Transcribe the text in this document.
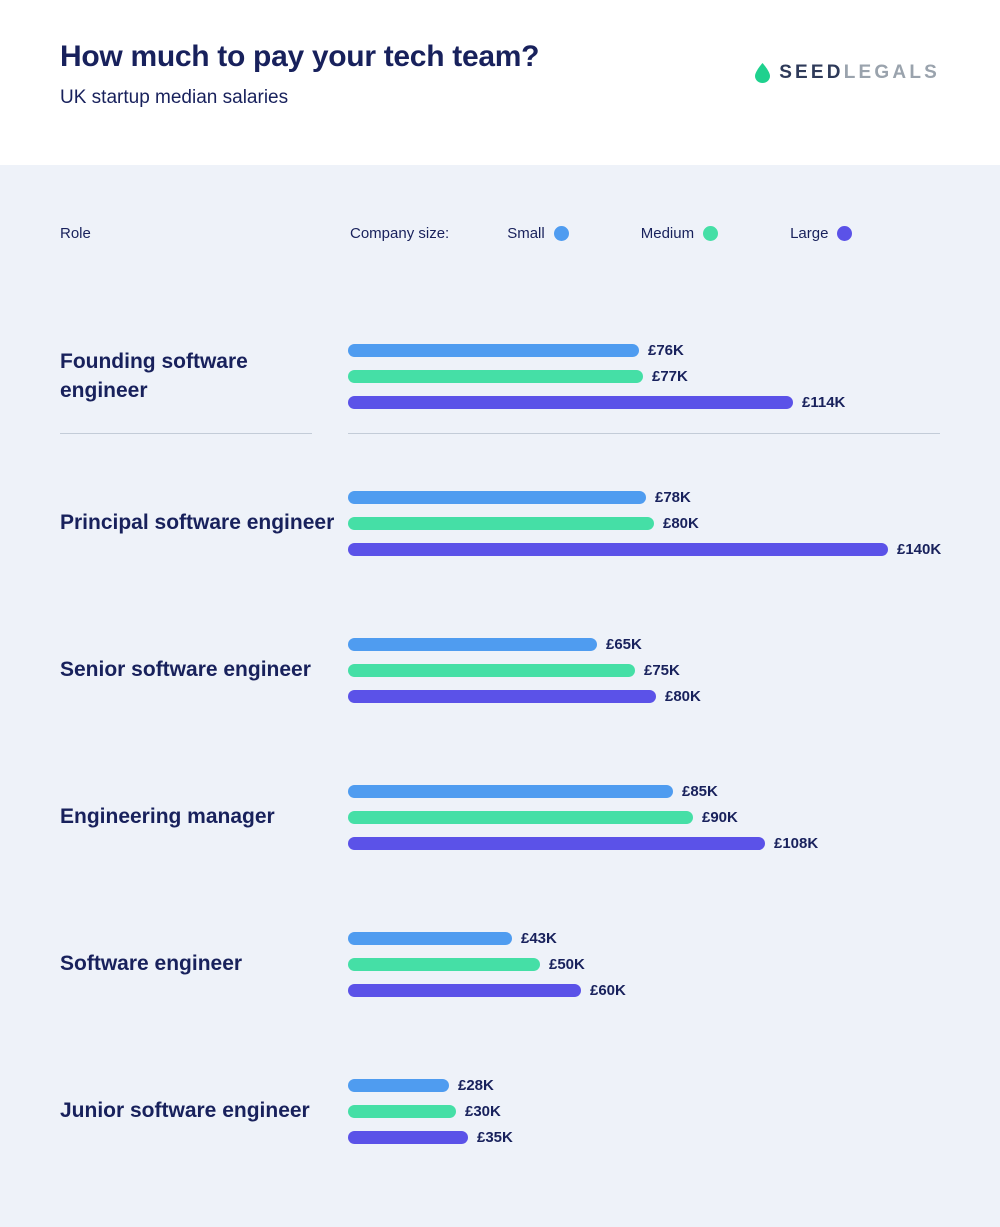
How much to pay your tech team?

UK startup median salaries

SEEDLEGALS
Role	Company size:	Small	Medium	Large
Founding software engineer
£76K
£77K
£114K
Principal software engineer
£78K
£80K
£140K
Senior software engineer
£65K
£75K
£80K
Engineering manager
£85K
£90K
£108K
Software engineer
£43K
£50K
£60K
Junior software engineer
£28K
£30K
£35K
